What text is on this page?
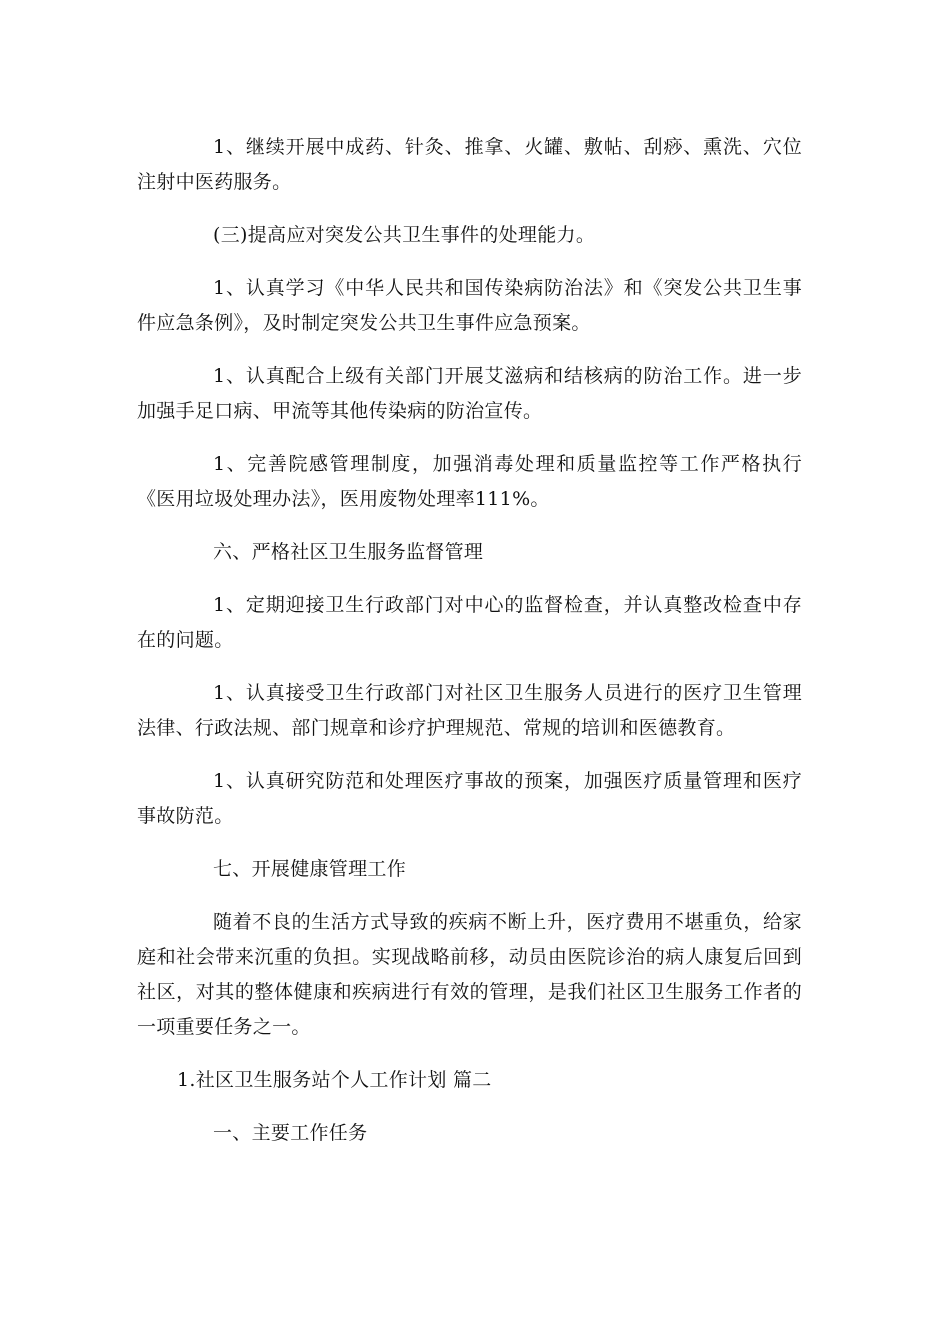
1、继续开展中成药、针灸、推拿、火罐、敷帖、刮痧、熏洗、穴位注射中医药服务。

(三)提高应对突发公共卫生事件的处理能力。

1、认真学习《中华人民共和国传染病防治法》和《突发公共卫生事件应急条例》，及时制定突发公共卫生事件应急预案。

1、认真配合上级有关部门开展艾滋病和结核病的防治工作。进一步加强手足口病、甲流等其他传染病的防治宣传。

1、完善院感管理制度，加强消毒处理和质量监控等工作严格执行《医用垃圾处理办法》，医用废物处理率111%。

六、严格社区卫生服务监督管理

1、定期迎接卫生行政部门对中心的监督检查，并认真整改检查中存在的问题。

1、认真接受卫生行政部门对社区卫生服务人员进行的医疗卫生管理法律、行政法规、部门规章和诊疗护理规范、常规的培训和医德教育。

1、认真研究防范和处理医疗事故的预案，加强医疗质量管理和医疗事故防范。

七、开展健康管理工作

随着不良的生活方式导致的疾病不断上升，医疗费用不堪重负，给家庭和社会带来沉重的负担。实现战略前移，动员由医院诊治的病人康复后回到社区，对其的整体健康和疾病进行有效的管理，是我们社区卫生服务工作者的一项重要任务之一。

1.社区卫生服务站个人工作计划 篇二

一、主要工作任务
